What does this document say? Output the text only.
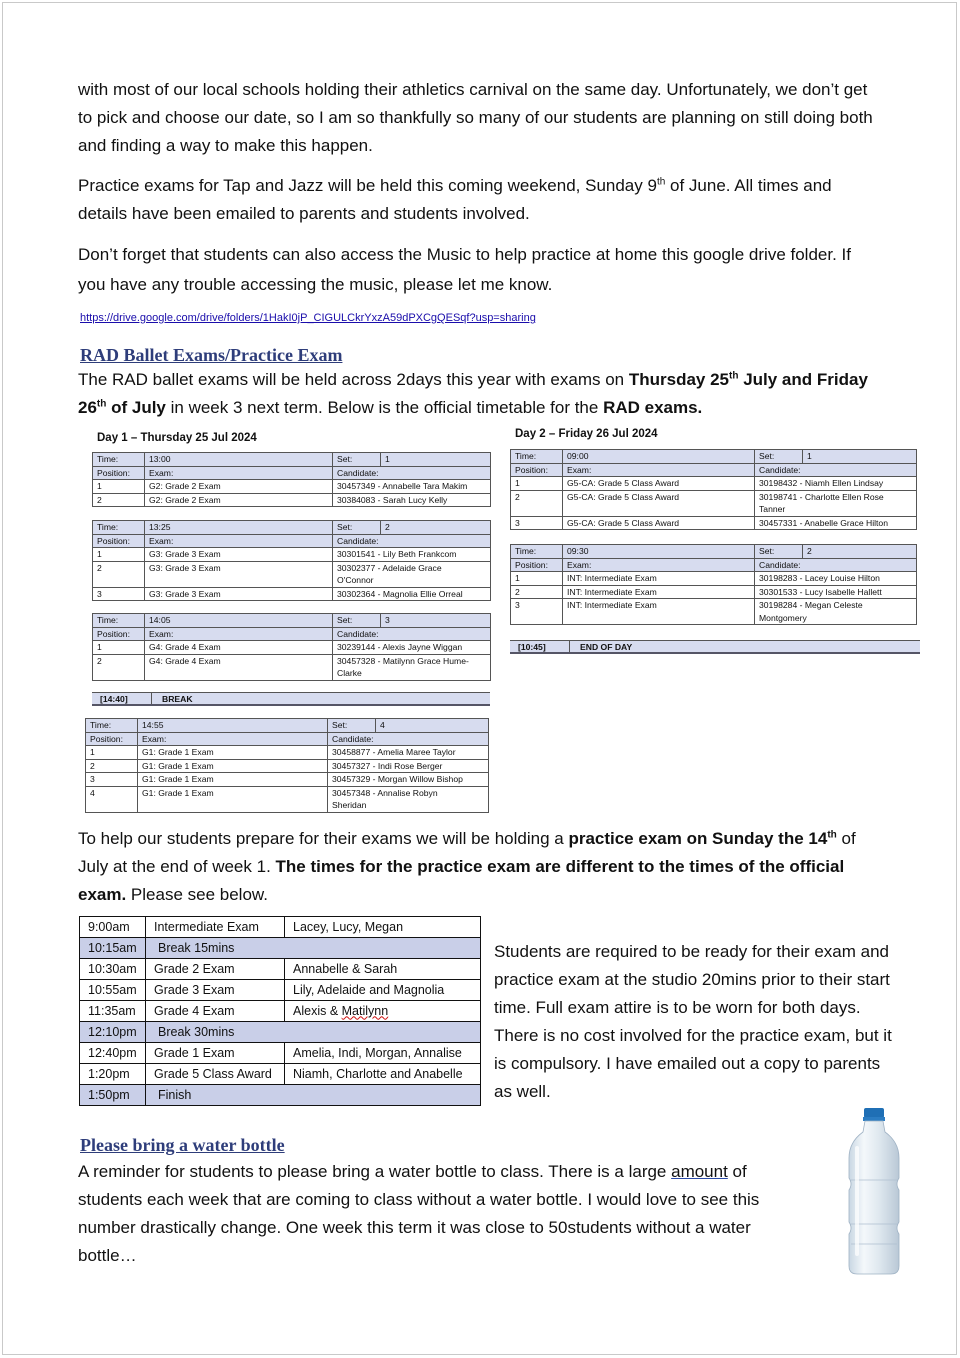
with most of our local schools holding their athletics carnival on the same day. Unfortunately, we don’t get to pick and choose our date, so I am so thankfully so many of our students are planning on still doing both and finding a way to make this happen.
Practice exams for Tap and Jazz will be held this coming weekend, Sunday 9th of June. All times and details have been emailed to parents and students involved.
Don’t forget that students can also access the Music to help practice at home this google drive folder. If you have any trouble accessing the music, please let me know.
https://drive.google.com/drive/folders/1HakI0jP_CIGULCkrYxzA59dPXCgQESqf?usp=sharing
RAD Ballet Exams/Practice Exam
The RAD ballet exams will be held across 2days this year with exams on Thursday 25th July and Friday 26th of July in week 3 next term. Below is the official timetable for the RAD exams.
Day 1 – Thursday 25 Jul 2024
Time:	13:00	Set:	1
Position:	Exam:	Candidate:	
1	G2: Grade 2 Exam	30457349 - Annabelle Tara Makim	

2	G2: Grade 2 Exam	30384083 - Sarah Lucy Kelly	
Time:	13:25	Set:	2
Position:	Exam:	Candidate:	
1	G3: Grade 3 Exam	30301541 - Lily Beth Frankcom	

2	G3: Grade 3 Exam	30302377 - Adelaide Grace
O'Connor	

3	G3: Grade 3 Exam	30302364 - Magnolia Ellie Orreal	
Time:	14:05	Set:	3
Position:	Exam:	Candidate:	
1	G4: Grade 4 Exam	30239144 - Alexis Jayne Wiggan	

2	G4: Grade 4 Exam	30457328 - Matilynn Grace Hume-
Clarke	
[14:40]	BREAK
Time:	14:55	Set:	4
Position:	Exam:	Candidate:	
1	G1: Grade 1 Exam	30458877 - Amelia Maree Taylor	

2	G1: Grade 1 Exam	30457327 - Indi Rose Berger	

3	G1: Grade 1 Exam	30457329 - Morgan Willow Bishop	

4	G1: Grade 1 Exam	30457348 - Annalise Robyn
Sheridan	
Day 2 – Friday 26 Jul 2024
Time:	09:00	Set:	1
Position:	Exam:	Candidate:	
1	G5-CA: Grade 5 Class Award	30198432 - Niamh Ellen Lindsay	

2	G5-CA: Grade 5 Class Award	30198741 - Charlotte Ellen Rose
Tanner	

3	G5-CA: Grade 5 Class Award	30457331 - Anabelle Grace Hilton	
Time:	09:30	Set:	2
Position:	Exam:	Candidate:	
1	INT: Intermediate Exam	30198283 - Lacey Louise Hilton	

2	INT: Intermediate Exam	30301533 - Lucy Isabelle Hallett	

3	INT: Intermediate Exam	30198284 - Megan Celeste
Montgomery	
[10:45]	END OF DAY
To help our students prepare for their exams we will be holding a practice exam on Sunday the 14th of July at the end of week 1. The times for the practice exam are different to the times of the official exam. Please see below.
9:00am	Intermediate Exam	Lacey, Lucy, Megan
10:15am	Break 15mins	
10:30am	Grade 2 Exam	Annabelle & Sarah
10:55am	Grade 3 Exam	Lily, Adelaide and Magnolia
11:35am	Grade 4 Exam	Alexis & Matilynn
12:10pm	Break 30mins	
12:40pm	Grade 1 Exam	Amelia, Indi, Morgan, Annalise
1:20pm	Grade 5 Class Award	Niamh, Charlotte and Anabelle
1:50pm	Finish	
Students are required to be ready for their exam and practice exam at the studio 20mins prior to their start time. Full exam attire is to be worn for both days. There is no cost involved for the practice exam, but it is compulsory. I have emailed out a copy to parents as well.
Please bring a water bottle
A reminder for students to please bring a water bottle to class. There is a large amount of students each week that are coming to class without a water bottle. I would love to see this number drastically change. One week this term it was close to 50students without a water bottle…
